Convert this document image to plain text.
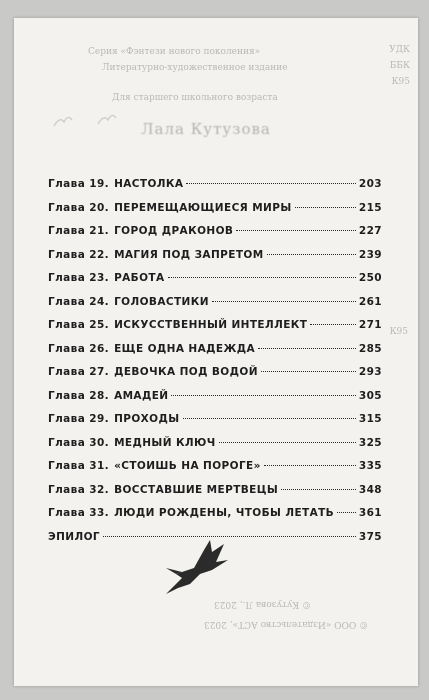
УДК
ББК
К95
Серия «Фэнтези нового поколения»
Литературно-художественное издание
Для старшего школьного возраста
Лала Кутузова
К95
© Кутузова Л., 2023
© ООО «Издательство АСТ», 2023
Глава 19. НАСТОЛКА	203
Глава 20. ПЕРЕМЕЩАЮЩИЕСЯ МИРЫ	215
Глава 21. ГОРОД ДРАКОНОВ	227
Глава 22. МАГИЯ ПОД ЗАПРЕТОМ	239
Глава 23. РАБОТА	250
Глава 24. ГОЛОВАСТИКИ	261
Глава 25. ИСКУССТВЕННЫЙ ИНТЕЛЛЕКТ	271
Глава 26. ЕЩЕ ОДНА НАДЕЖДА	285
Глава 27. ДЕВОЧКА ПОД ВОДОЙ	293
Глава 28. АМАДЕЙ	305
Глава 29. ПРОХОДЫ	315
Глава 30. МЕДНЫЙ КЛЮЧ	325
Глава 31. «СТОИШЬ НА ПОРОГЕ»	335
Глава 32. ВОССТАВШИЕ МЕРТВЕЦЫ	348
Глава 33. ЛЮДИ РОЖДЕНЫ, ЧТОБЫ ЛЕТАТЬ 361
ЭПИЛОГ	375
